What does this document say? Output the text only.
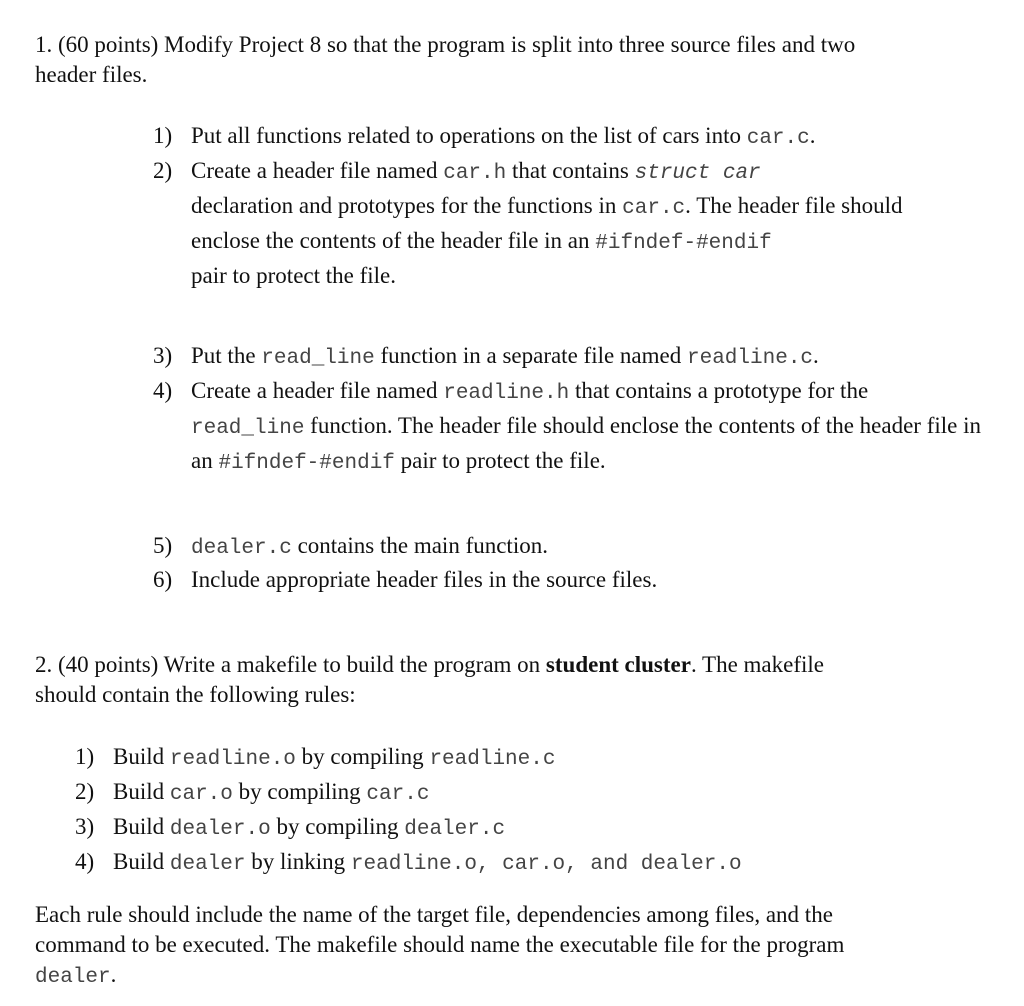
1. (60 points) Modify Project 8 so that the program is split into three source files and two
header files.

1) Put all functions related to operations on the list of cars into car.c.
2) Create a header file named car.h that contains struct car
declaration and prototypes for the functions in car.c. The header file should enclose the contents of the header file in an #ifndef-#endif
pair to protect the file.
3) Put the read_line function in a separate file named readline.c.
4) Create a header file named readline.h that contains a prototype for the read_line function. The header file should enclose the contents of the header file in an #ifndef-#endif pair to protect the file.
5) dealer.c contains the main function.
6) Include appropriate header files in the source files.

2. (40 points) Write a makefile to build the program on student cluster. The makefile
should contain the following rules:

1) Build readline.o by compiling readline.c
2) Build car.o by compiling car.c
3) Build dealer.o by compiling dealer.c
4) Build dealer by linking readline.o, car.o, and dealer.o

Each rule should include the name of the target file, dependencies among files, and the
command to be executed. The makefile should name the executable file for the program
dealer.
